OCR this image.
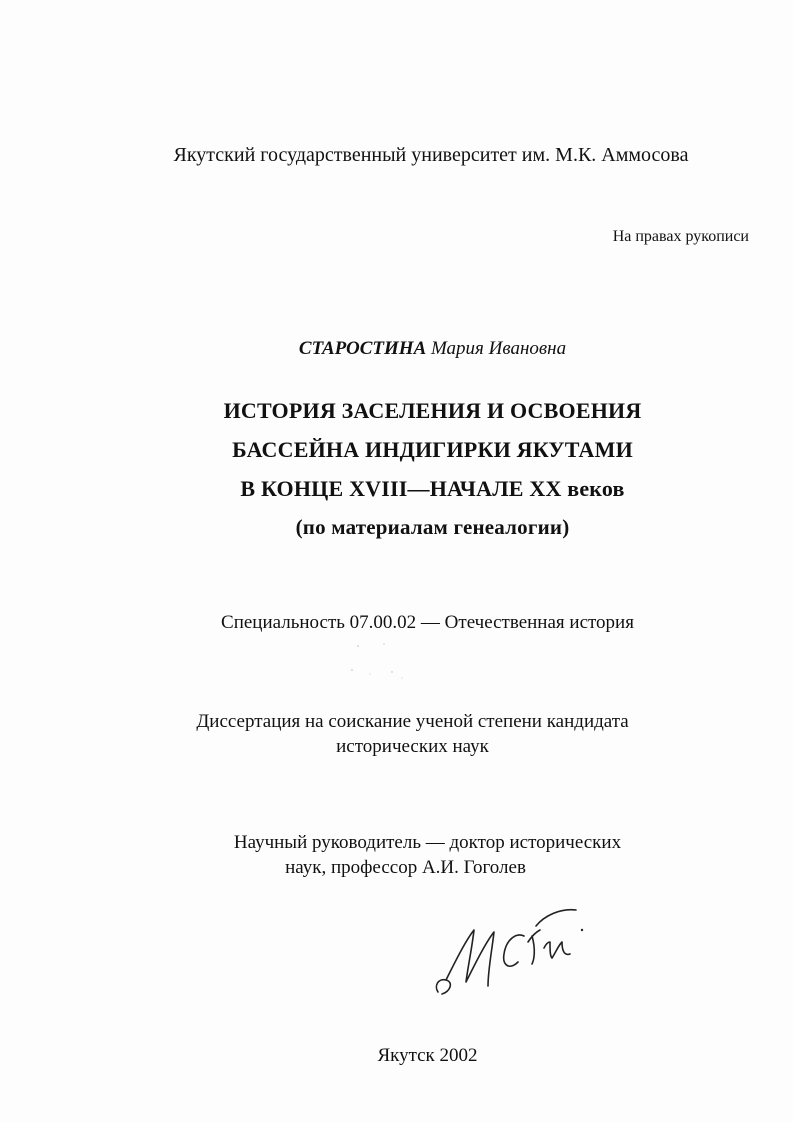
Якутский государственный университет им. М.К. Аммосова
На правах рукописи
СТАРОСТИНА Мария Ивановна
ИСТОРИЯ ЗАСЕЛЕНИЯ И ОСВОЕНИЯ
БАССЕЙНА ИНДИГИРКИ ЯКУТАМИ
В КОНЦЕ XVIII—НАЧАЛЕ XX веков
(по материалам генеалогии)
Специальность 07.00.02 — Отечественная история
Диссертация на соискание ученой степени кандидата
исторических наук
Научный руководитель — доктор исторических
наук, профессор А.И. Гоголев
Якутск 2002
